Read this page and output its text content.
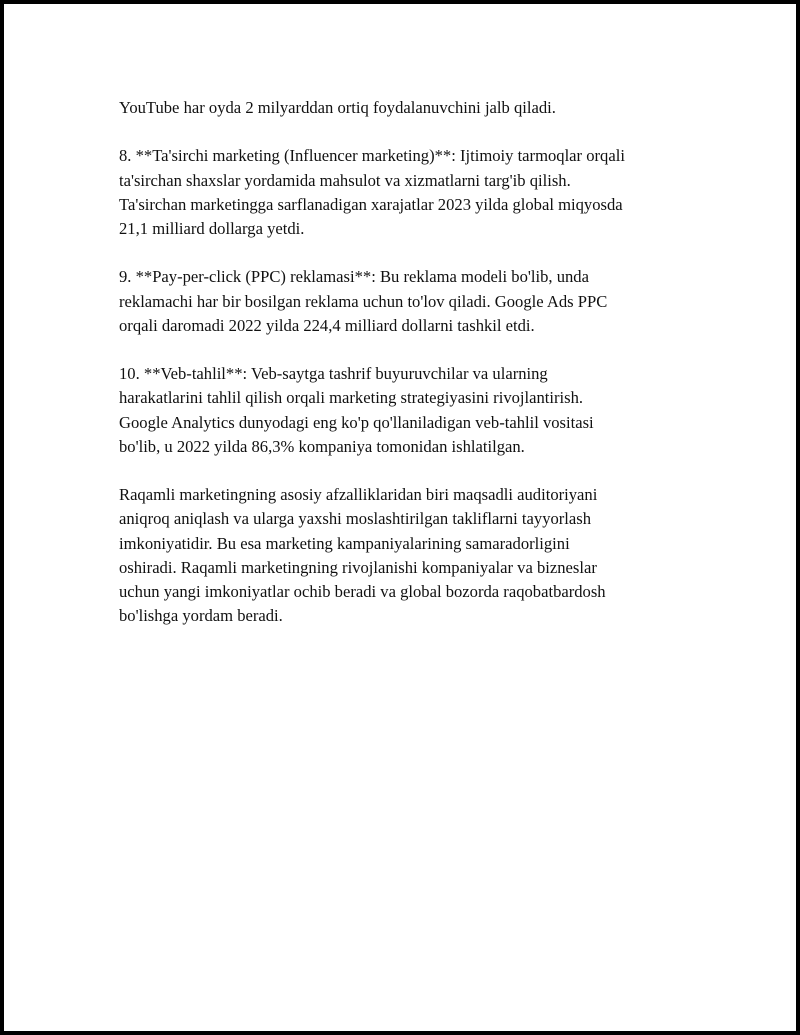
YouTube har oyda 2 milyarddan ortiq foydalanuvchini jalb qiladi.
8. **Ta'sirchi marketing (Influencer marketing)**: Ijtimoiy tarmoqlar orqali
ta'sirchan shaxslar yordamida mahsulot va xizmatlarni targ'ib qilish.
Ta'sirchan marketingga sarflanadigan xarajatlar 2023 yilda global miqyosda
21,1 milliard dollarga yetdi.
9. **Pay-per-click (PPC) reklamasi**: Bu reklama modeli bo'lib, unda
reklamachi har bir bosilgan reklama uchun to'lov qiladi. Google Ads PPC
orqali daromadi 2022 yilda 224,4 milliard dollarni tashkil etdi.
10. **Veb-tahlil**: Veb-saytga tashrif buyuruvchilar va ularning
harakatlarini tahlil qilish orqali marketing strategiyasini rivojlantirish.
Google Analytics dunyodagi eng ko'p qo'llaniladigan veb-tahlil vositasi
bo'lib, u 2022 yilda 86,3% kompaniya tomonidan ishlatilgan.
Raqamli marketingning asosiy afzalliklaridan biri maqsadli auditoriyani
aniqroq aniqlash va ularga yaxshi moslashtirilgan takliflarni tayyorlash
imkoniyatidir. Bu esa marketing kampaniyalarining samaradorligini
oshiradi. Raqamli marketingning rivojlanishi kompaniyalar va bizneslar
uchun yangi imkoniyatlar ochib beradi va global bozorda raqobatbardosh
bo'lishga yordam beradi.
